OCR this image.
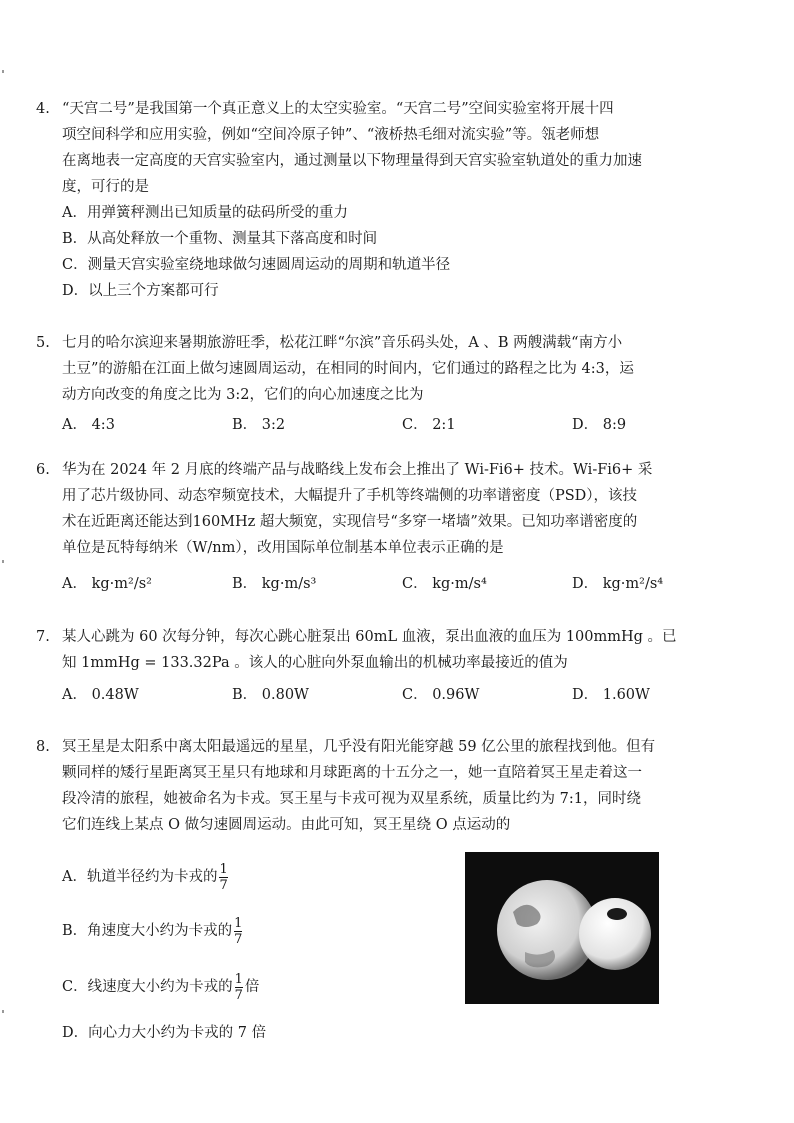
4. “天宫二号”是我国第一个真正意义上的太空实验室。“天宫二号”空间实验室将开展十四
项空间科学和应用实验，例如“空间冷原子钟”、“液桥热毛细对流实验”等。瓴老师想
在离地表一定高度的天宫实验室内，通过测量以下物理量得到天宫实验室轨道处的重力加速
度，可行的是
A．用弹簧秤测出已知质量的砝码所受的重力
B．从高处释放一个重物、测量其下落高度和时间
C．测量天宫实验室绕地球做匀速圆周运动的周期和轨道半径
D．以上三个方案都可行
5. 七月的哈尔滨迎来暑期旅游旺季，松花江畔“尔滨”音乐码头处，A 、B 两艘满载“南方小
土豆”的游船在江面上做匀速圆周运动，在相同的时间内，它们通过的路程之比为 4:3，运
动方向改变的角度之比为 3:2，它们的向心加速度之比为
A． 4:3	B． 3:2	C． 2:1	D． 8:9
6. 华为在 2024 年 2 月底的终端产品与战略线上发布会上推出了 Wi-Fi6+ 技术。Wi-Fi6+ 采
用了芯片级协同、动态窄频宽技术，大幅提升了手机等终端侧的功率谱密度（PSD），该技
术在近距离还能达到160MHz 超大频宽，实现信号“多穿一堵墙”效果。已知功率谱密度的
单位是瓦特每纳米（W/nm），改用国际单位制基本单位表示正确的是
A． kg·m²/s²	B． kg·m/s³	C． kg·m/s⁴	D． kg·m²/s⁴
7. 某人心跳为 60 次每分钟，每次心跳心脏泵出 60mL 血液，泵出血液的血压为 100mmHg 。已
知 1mmHg = 133.32Pa 。该人的心脏向外泵血输出的机械功率最接近的值为
A． 0.48W	B． 0.80W	C． 0.96W	D． 1.60W
8. 冥王星是太阳系中离太阳最遥远的星星，几乎没有阳光能穿越 59 亿公里的旅程找到他。但有
颗同样的矮行星距离冥王星只有地球和月球距离的十五分之一，她一直陪着冥王星走着这一
段冷清的旅程，她被命名为卡戎。冥王星与卡戎可视为双星系统，质量比约为 7:1，同时绕
它们连线上某点 O 做匀速圆周运动。由此可知，冥王星绕 O 点运动的
A．轨道半径约为卡戎的 $\frac{1}{7}$
B．角速度大小约为卡戎的 $\frac{1}{7}$
C．线速度大小约为卡戎的 $\frac{1}{7}$ 倍
D．向心力大小约为卡戎的 7 倍
